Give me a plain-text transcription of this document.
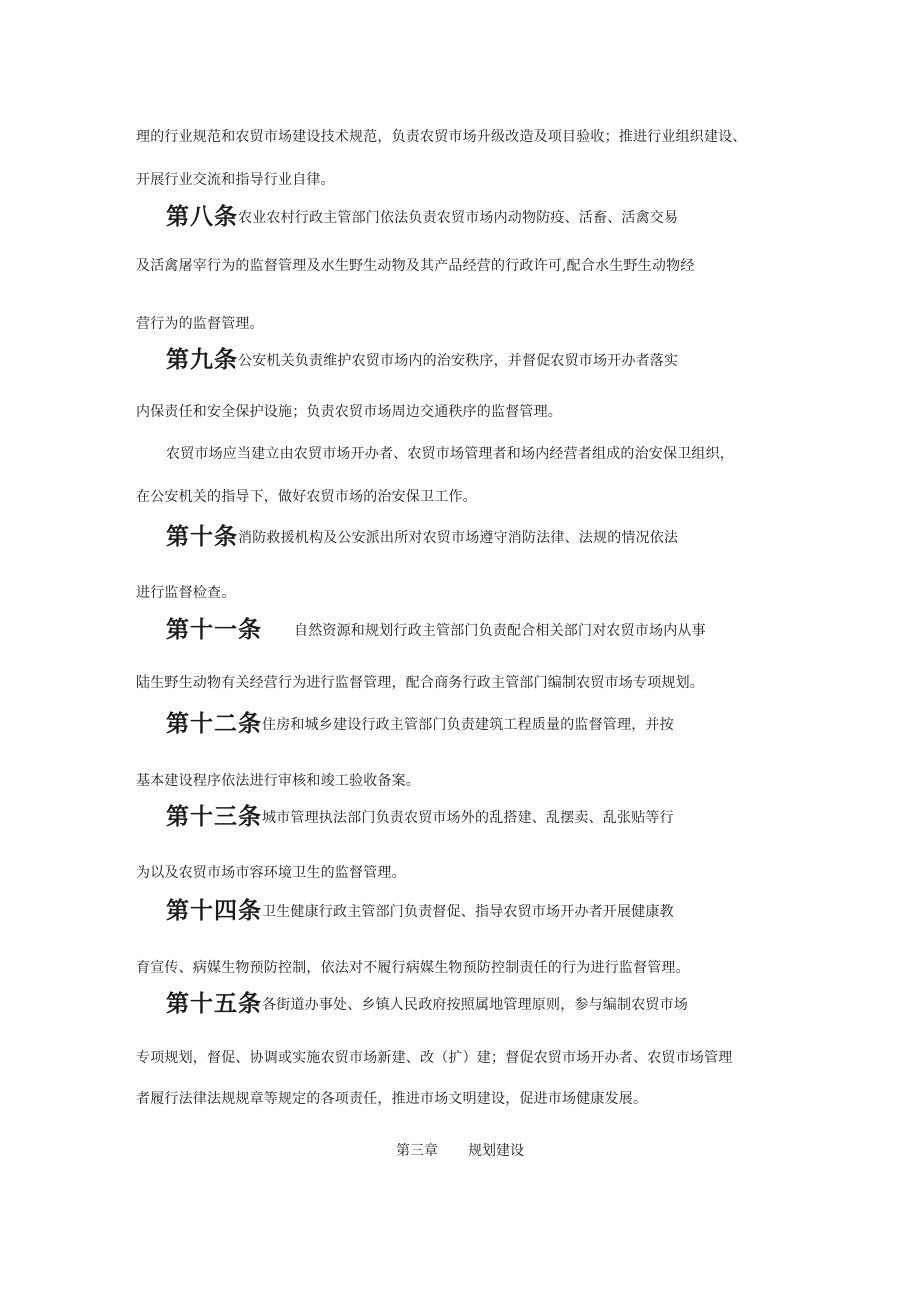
理的行业规范和农贸市场建设技术规范，负责农贸市场升级改造及项目验收；推进行业组织建设、
开展行业交流和指导行业自律。
第八条农业农村行政主管部门依法负责农贸市场内动物防疫、活畜、活禽交易
及活禽屠宰行为的监督管理及水生野生动物及其产品经营的行政许可,配合水生野生动物经
营行为的监督管理。
第九条公安机关负责维护农贸市场内的治安秩序，并督促农贸市场开办者落实
内保责任和安全保护设施；负责农贸市场周边交通秩序的监督管理。
农贸市场应当建立由农贸市场开办者、农贸市场管理者和场内经营者组成的治安保卫组织，
在公安机关的指导下，做好农贸市场的治安保卫工作。
第十条消防救援机构及公安派出所对农贸市场遵守消防法律、法规的情况依法
进行监督检查。
第十一条 自然资源和规划行政主管部门负责配合相关部门对农贸市场内从事
陆生野生动物有关经营行为进行监督管理，配合商务行政主管部门编制农贸市场专项规划。
第十二条住房和城乡建设行政主管部门负责建筑工程质量的监督管理，并按
基本建设程序依法进行审核和竣工验收备案。
第十三条城市管理执法部门负责农贸市场外的乱搭建、乱摆卖、乱张贴等行
为以及农贸市场市容环境卫生的监督管理。
第十四条卫生健康行政主管部门负责督促、指导农贸市场开办者开展健康教
育宣传、病媒生物预防控制，依法对不履行病媒生物预防控制责任的行为进行监督管理。
第十五条各街道办事处、乡镇人民政府按照属地管理原则，参与编制农贸市场
专项规划，督促、协调或实施农贸市场新建、改（扩）建；督促农贸市场开办者、农贸市场管理
者履行法律法规规章等规定的各项责任，推进市场文明建设，促进市场健康发展。
第三章 规划建设
